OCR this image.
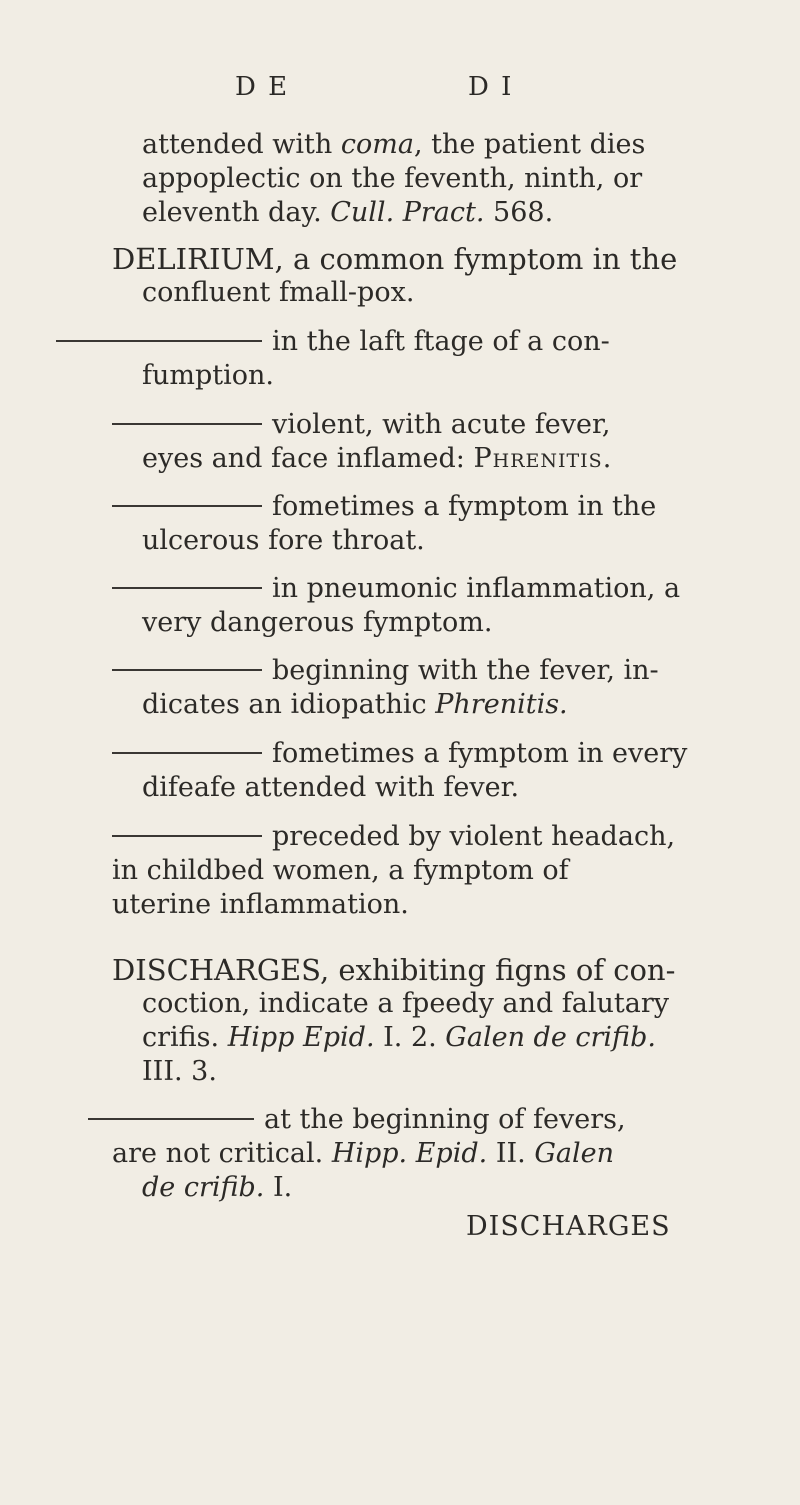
D E	D I
attended with coma, the patient dies
appoplectic on the feventh, ninth, or
eleventh day. Cull. Pract. 568.
DELIRIUM, a common fymptom in the
confluent fmall-pox.
in the laft ftage of a con-
fumption.
violent, with acute fever,
eyes and face inflamed: Phrenitis.
fometimes a fymptom in the
ulcerous fore throat.
in pneumonic inflammation, a
very dangerous fymptom.
beginning with the fever, in-
dicates an idiopathic Phrenitis.
fometimes a fymptom in every
difeafe attended with fever.
preceded by violent headach,
in childbed women, a fymptom of
uterine inflammation.
DISCHARGES, exhibiting figns of con-
coction, indicate a fpeedy and falutary
crifis. Hipp Epid. I. 2. Galen de crifib.
III. 3.
at the beginning of fevers,
are not critical. Hipp. Epid. II. Galen
de crifib. I.
DISCHARGES
